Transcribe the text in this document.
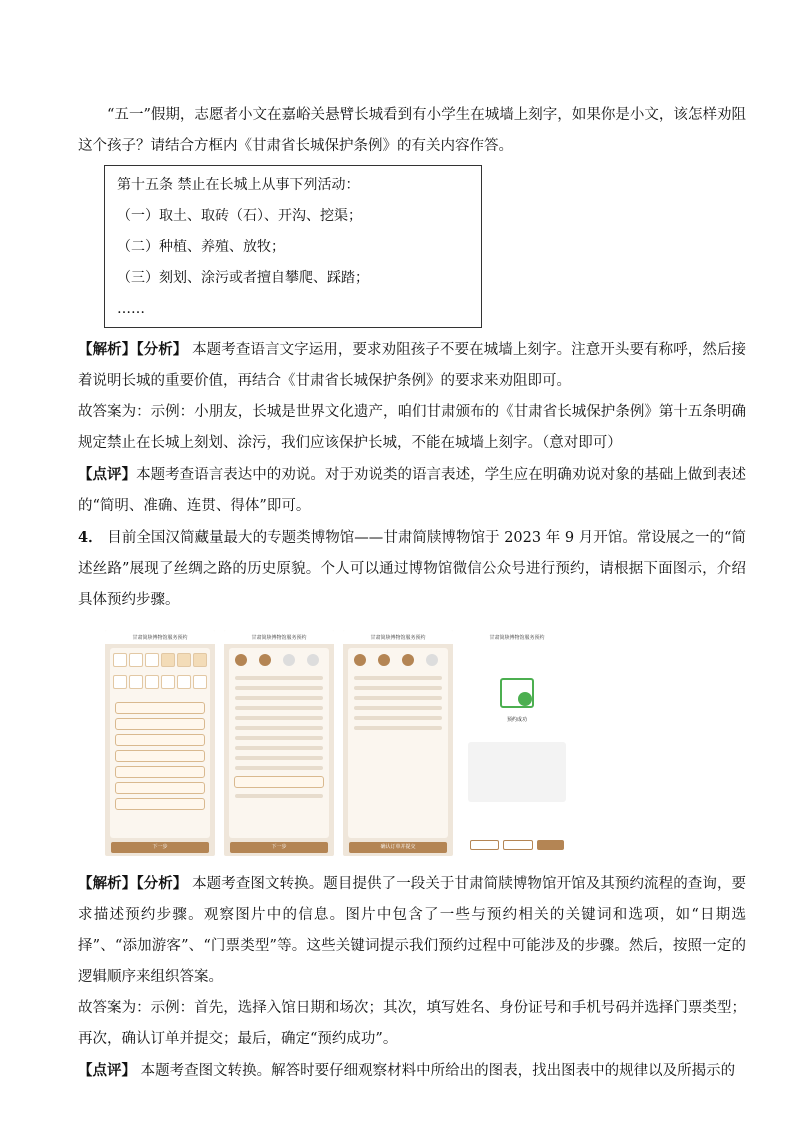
“五一”假期，志愿者小文在嘉峪关悬臂长城看到有小学生在城墙上刻字，如果你是小文，该怎样劝阻这个孩子？请结合方框内《甘肃省长城保护条例》的有关内容作答。

第十五条 禁止在长城上从事下列活动：

（一）取土、取砖（石）、开沟、挖渠；

（二）种植、养殖、放牧；

（三）刻划、涂污或者擅自攀爬、踩踏；

……

【解析】【分析】 本题考查语言文字运用，要求劝阻孩子不要在城墙上刻字。注意开头要有称呼，然后接着说明长城的重要价值，再结合《甘肃省长城保护条例》的要求来劝阻即可。

故答案为：示例：小朋友，长城是世界文化遗产，咱们甘肃颁布的《甘肃省长城保护条例》第十五条明确规定禁止在长城上刻划、涂污，我们应该保护长城，不能在城墙上刻字。（意对即可）

【点评】本题考查语言表达中的劝说。对于劝说类的语言表述，学生应在明确劝说对象的基础上做到表述的“简明、准确、连贯、得体”即可。

4． 目前全国汉简藏量最大的专题类博物馆——甘肃简牍博物馆于 2023 年 9 月开馆。常设展之一的“简述丝路”展现了丝绸之路的历史原貌。个人可以通过博物馆微信公众号进行预约，请根据下面图示，介绍具体预约步骤。

甘肃简牍博物馆服务预约

下一步
甘肃简牍博物馆服务预约
下一步
甘肃简牍博物馆服务预约
确认订单并提交
甘肃简牍博物馆服务预约
预约成功

【解析】【分析】 本题考查图文转换。题目提供了一段关于甘肃简牍博物馆开馆及其预约流程的查询，要求描述预约步骤。观察图片中的信息。图片中包含了一些与预约相关的关键词和选项，如“日期选择”、“添加游客”、“门票类型”等。这些关键词提示我们预约过程中可能涉及的步骤。然后，按照一定的逻辑顺序来组织答案。

故答案为：示例：首先，选择入馆日期和场次；其次，填写姓名、身份证号和手机号码并选择门票类型；再次，确认订单并提交；最后，确定“预约成功”。

【点评】 本题考查图文转换。解答时要仔细观察材料中所给出的图表，找出图表中的规律以及所揭示的
